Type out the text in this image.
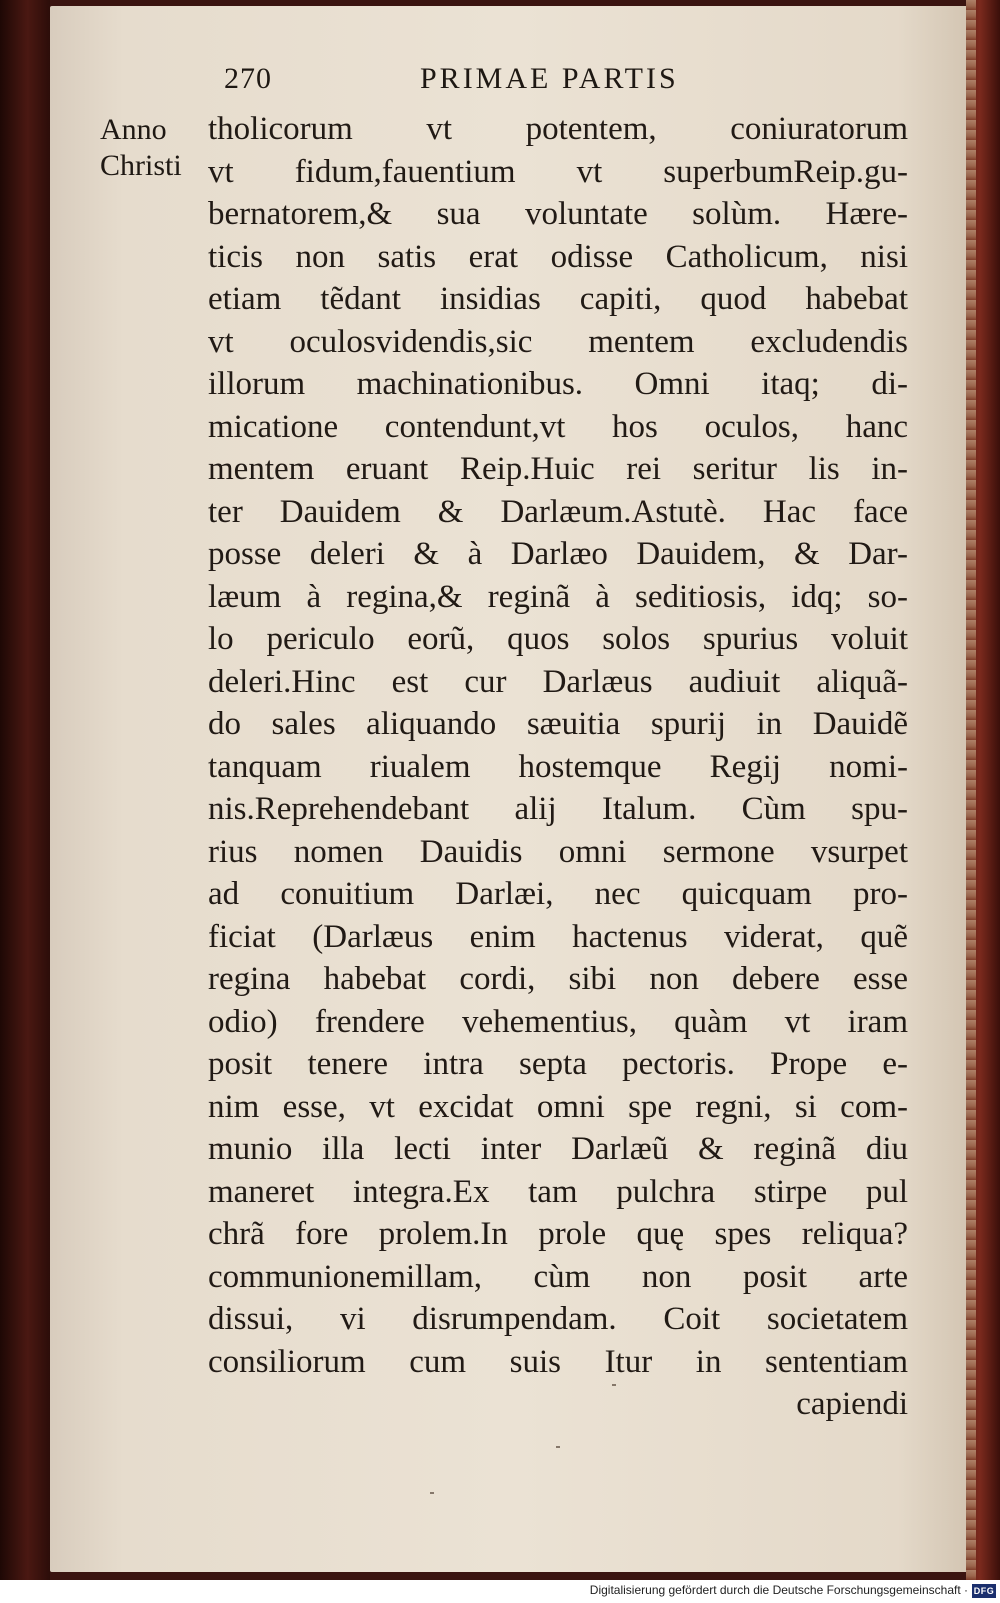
270	PRIMAE PARTIS
Anno
Christi
tholicorum vt potentem, coniuratorum
vt fidum,fauentium vt superbumReip.gu-
bernatorem,& sua voluntate solùm. Hære-
ticis non satis erat odisse Catholicum, nisi
etiam tẽdant insidias capiti, quod habebat
vt oculosvidendis,sic mentem excludendis
illorum machinationibus. Omni itaq; di-
micatione contendunt,vt hos oculos, hanc
mentem eruant Reip.Huic rei seritur lis in-
ter Dauidem & Darlæum.Astutè. Hac face
posse deleri & à Darlæo Dauidem, & Dar-
læum à regina,& reginã à seditiosis, idq; so-
lo periculo eorũ, quos solos spurius voluit
deleri.Hinc est cur Darlæus audiuit aliquã-
do sales aliquando sæuitia spurij in Dauidẽ
tanquam riualem hostemque Regij nomi-
nis.Reprehendebant alij Italum. Cùm spu-
rius nomen Dauidis omni sermone vsurpet
ad conuitium Darlæi, nec quicquam pro-
ficiat (Darlæus enim hactenus viderat, quẽ
regina habebat cordi, sibi non debere esse
odio) frendere vehementius, quàm vt iram
posit tenere intra septa pectoris. Prope e-
nim esse, vt excidat omni spe regni, si com-
munio illa lecti inter Darlæũ & reginã diu
maneret integra.Ex tam pulchra stirpe pul
chrã fore prolem.In prole quę spes reliqua?
communionemillam, cùm non posit arte
dissui, vi disrumpendam. Coit societatem
consiliorum cum suis Itur in sententiam
capiendi
Digitalisierung gefördert durch die Deutsche Forschungsgemeinschaft · DFG
